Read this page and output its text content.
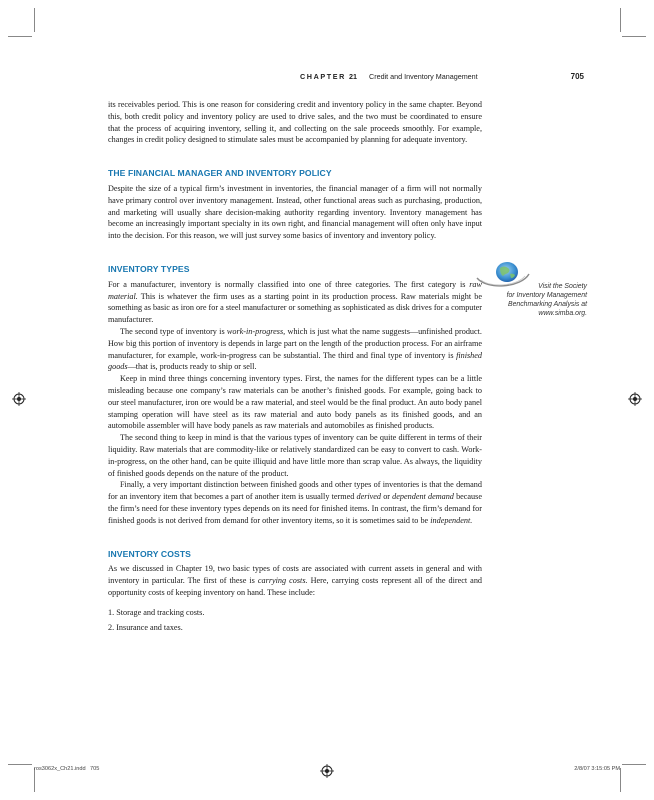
CHAPTER 21 Credit and Inventory Management	705

its receivables period. This is one reason for considering credit and inventory policy in the same chapter. Beyond this, both credit policy and inventory policy are used to drive sales, and the two must be coordinated to ensure that the process of acquiring inventory, selling it, and collecting on the sale proceeds smoothly. For example, changes in credit policy designed to stimulate sales must be accompanied by planning for adequate inventory.

THE FINANCIAL MANAGER AND INVENTORY POLICY

Despite the size of a typical firm’s investment in inventories, the financial manager of a firm will not normally have primary control over inventory management. Instead, other functional areas such as purchasing, production, and marketing will usually share decision-making authority regarding inventory. Inventory management has become an increasingly important specialty in its own right, and financial management will often only have input into the decision. For this reason, we will just survey some basics of inventory and inventory policy.

INVENTORY TYPES

For a manufacturer, inventory is normally classified into one of three categories. The first category is raw material. This is whatever the firm uses as a starting point in its production process. Raw materials might be something as basic as iron ore for a steel manufacturer or something as sophisticated as disk drives for a computer manufacturer.

The second type of inventory is work-in-progress, which is just what the name suggests—unfinished product. How big this portion of inventory is depends in large part on the length of the production process. For an airframe manufacturer, for example, work-in-progress can be substantial. The third and final type of inventory is finished goods—that is, products ready to ship or sell.

Keep in mind three things concerning inventory types. First, the names for the different types can be a little misleading because one company’s raw materials can be another’s finished goods. For example, going back to our steel manufacturer, iron ore would be a raw material, and steel would be the final product. An auto body panel stamping operation will have steel as its raw material and auto body panels as its finished goods, and an automobile assembler will have body panels as raw materials and automobiles as finished products.

The second thing to keep in mind is that the various types of inventory can be quite different in terms of their liquidity. Raw materials that are commodity-like or relatively standardized can be easy to convert to cash. Work-in-progress, on the other hand, can be quite illiquid and have little more than scrap value. As always, the liquidity of finished goods depends on the nature of the product.

Finally, a very important distinction between finished goods and other types of inventories is that the demand for an inventory item that becomes a part of another item is usually termed derived or dependent demand because the firm’s need for these inventory types depends on its need for finished items. In contrast, the firm’s demand for finished goods is not derived from demand for other inventory items, so it is sometimes said to be independent.

INVENTORY COSTS

As we discussed in Chapter 19, two basic types of costs are associated with current assets in general and with inventory in particular. The first of these is carrying costs. Here, carrying costs represent all of the direct and opportunity costs of keeping inventory on hand. These include:

1. Storage and tracking costs.
2. Insurance and taxes.
Visit the Society
for Inventory Management
Benchmarking Analysis at
www.simba.org.
ros3062x_Ch21.indd 705	2/8/07 3:15:05 PM
